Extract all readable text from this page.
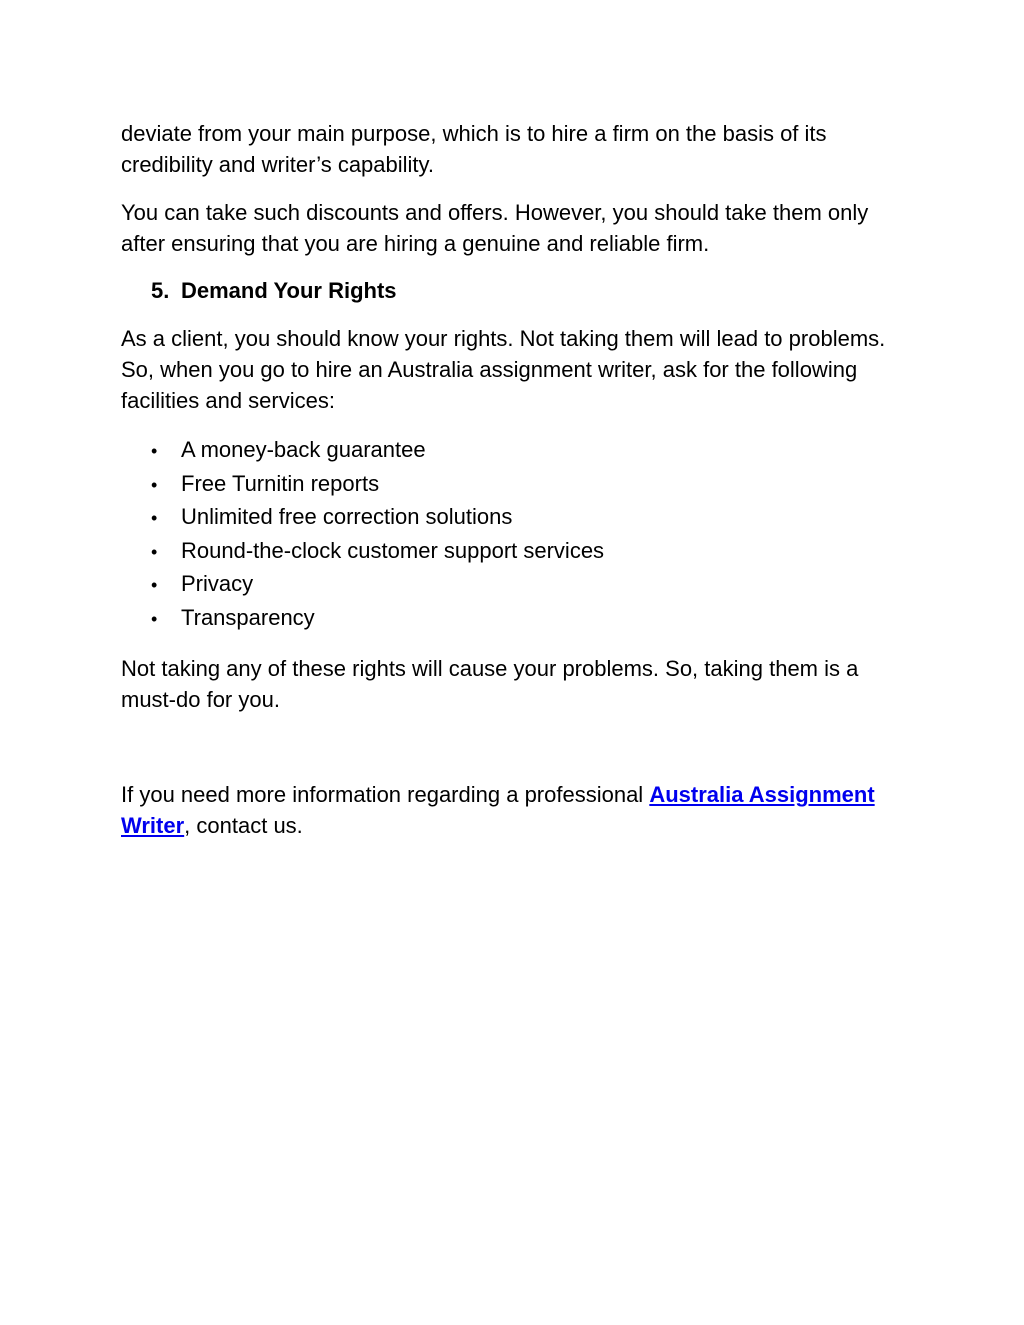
deviate from your main purpose, which is to hire a firm on the basis of its credibility and writer’s capability.

You can take such discounts and offers. However, you should take them only after ensuring that you are hiring a genuine and reliable firm.

5. Demand Your Rights

As a client, you should know your rights. Not taking them will lead to problems. So, when you go to hire an Australia assignment writer, ask for the following facilities and services:

•	A money-back guarantee
•	Free Turnitin reports
•	Unlimited free correction solutions
•	Round-the-clock customer support services
•	Privacy
•	Transparency

Not taking any of these rights will cause your problems. So, taking them is a must-do for you.

If you need more information regarding a professional Australia Assignment Writer, contact us.
